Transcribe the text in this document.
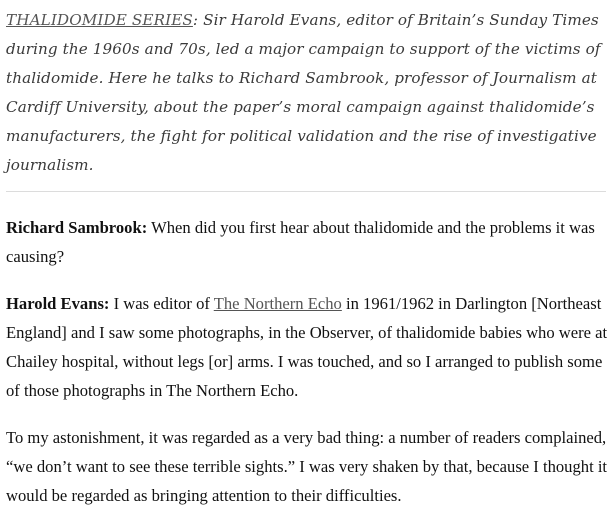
THALIDOMIDE SERIES: Sir Harold Evans, editor of Britain’s Sunday Times during the 1960s and 70s, led a major campaign to support of the victims of thalidomide. Here he talks to Richard Sambrook, professor of Journalism at Cardiff University, about the paper’s moral campaign against thalidomide’s manufacturers, the fight for political validation and the rise of investigative journalism.

Richard Sambrook: When did you first hear about thalidomide and the problems it was causing?

Harold Evans: I was editor of The Northern Echo in 1961/1962 in Darlington [Northeast England] and I saw some photographs, in the Observer, of thalidomide babies who were at Chailey hospital, without legs [or] arms. I was touched, and so I arranged to publish some of those photographs in The Northern Echo.

To my astonishment, it was regarded as a very bad thing: a number of readers complained, “we don’t want to see these terrible sights.” I was very shaken by that, because I thought it would be regarded as bringing attention to their difficulties.
